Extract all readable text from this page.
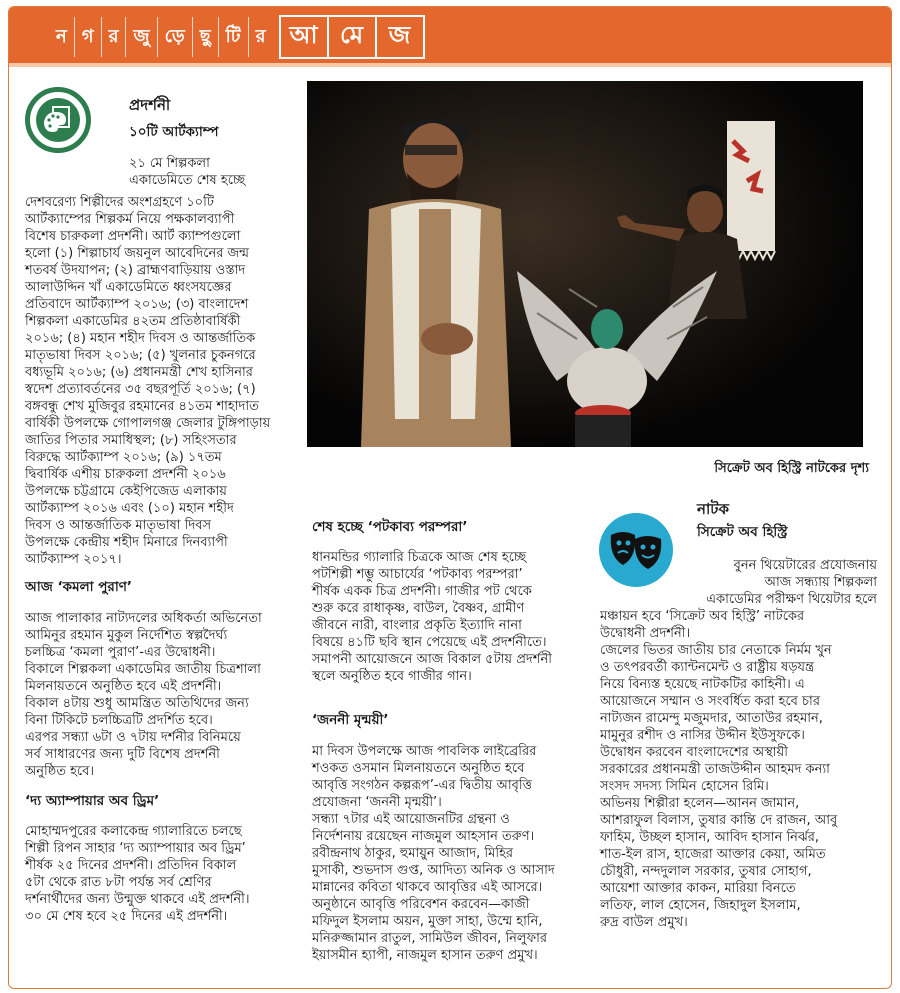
ন গ র জু ড়ে ছু টি র	আ মে	জ

প্রদর্শনী

১০টি আর্টক্যাম্প

২১ মে শিল্পকলা
একাডেমিতে শেষ হচ্ছে

দেশবরেণ্য শিল্পীদের অংশগ্রহণে ১০টি
আর্টক্যাম্পের শিল্পকর্ম নিয়ে পক্ষকালব্যাপী
বিশেষ চারুকলা প্রদর্শনী। আর্ট ক্যাম্পগুলো
হলো (১) শিল্পাচার্য জয়নুল আবেদিনের জন্ম
শতবর্ষ উদযাপন; (২) ব্রাহ্মণবাড়িয়ায় ওস্তাদ
আলাউদ্দিন খাঁ একাডেমিতে ধ্বংসযজ্ঞের
প্রতিবাদে আর্টক্যাম্প ২০১৬; (৩) বাংলাদেশ
শিল্পকলা একাডেমির ৪২তম প্রতিষ্ঠাবার্ষিকী
২০১৬; (৪) মহান শহীদ দিবস ও আন্তর্জাতিক
মাতৃভাষা দিবস ২০১৬; (৫) খুলনার চুকনগরে
বধ্যভূমি ২০১৬; (৬) প্রধানমন্ত্রী শেখ হাসিনার
স্বদেশ প্রত্যাবর্তনের ৩৫ বছরপূর্তি ২০১৬; (৭)
বঙ্গবন্ধু শেখ মুজিবুর রহমানের ৪১তম শাহাদাত
বার্ষিকী উপলক্ষে গোপালগঞ্জ জেলার টুঙ্গিপাড়ায়
জাতির পিতার সমাধিস্থল; (৮) সহিংসতার
বিরুদ্ধে আর্টক্যাম্প ২০১৬; (৯) ১৭তম
দ্বিবার্ষিক এশীয় চারুকলা প্রদর্শনী ২০১৬
উপলক্ষে চট্টগ্রামে কেইপিজেড এলাকায়
আর্টক্যাম্প ২০১৬ এবং (১০) মহান শহীদ
দিবস ও আন্তর্জাতিক মাতৃভাষা দিবস
উপলক্ষে কেন্দ্রীয় শহীদ মিনারে দিনব্যাপী
আর্টক্যাম্প ২০১৭।

আজ ‘কমলা পুরাণ’

আজ পালাকার নাট্যদলের অধিকর্তা অভিনেতা
আমিনুর রহমান মুকুল নির্দেশিত স্বল্পদৈর্ঘ্য
চলচ্চিত্র ‘কমলা পুরাণ’-এর উদ্বোধনী।
বিকালে শিল্পকলা একাডেমির জাতীয় চিত্রশালা
মিলনায়তনে অনুষ্ঠিত হবে এই প্রদর্শনী।
বিকাল ৪টায় শুধু আমন্ত্রিত অতিথিদের জন্য
বিনা টিকিটে চলচ্চিত্রটি প্রদর্শিত হবে।
এরপর সন্ধ্যা ৬টা ও ৭টায় দর্শনীর বিনিময়ে
সর্ব সাধারণের জন্য দুটি বিশেষ প্রদর্শনী
অনুষ্ঠিত হবে।

‘দ্য অ্যাম্পায়ার অব ড্রিম’

মোহাম্মদপুরের কলাকেন্দ্র গ্যালারিতে চলছে
শিল্পী রিপন সাহার ‘দ্য অ্যাম্পায়ার অব ড্রিম’
শীর্ষক ২৫ দিনের প্রদর্শনী। প্রতিদিন বিকাল
৫টা থেকে রাত ৮টা পর্যন্ত সর্ব শ্রেণির
দর্শনার্থীদের জন্য উন্মুক্ত থাকবে এই প্রদর্শনী।
৩০ মে শেষ হবে ২৫ দিনের এই প্রদর্শনী।

সিক্রেট অব হিস্ট্রি নাটকের দৃশ্য

শেষ হচ্ছে ‘পটকাব্য পরম্পরা’

ধানমন্ডির গ্যালারি চিত্রকে আজ শেষ হচ্ছে
পটশিল্পী শম্ভু আচার্যের ‘পটকাব্য পরম্পরা’
শীর্ষক একক চিত্র প্রদর্শনী। গাজীর পট থেকে
শুরু করে রাধাকৃষ্ণ, বাউল, বৈষ্ণব, গ্রামীণ
জীবনে নারী, বাংলার প্রকৃতি ইত্যাদি নানা
বিষয়ে ৪১টি ছবি স্থান পেয়েছে এই প্রদর্শনীতে।
সমাপনী আয়োজনে আজ বিকাল ৫টায় প্রদর্শনী
স্থলে অনুষ্ঠিত হবে গাজীর গান।

‘জননী মৃন্ময়ী’

মা দিবস উপলক্ষে আজ পাবলিক লাইব্রেরির
শওকত ওসমান মিলনায়তনে অনুষ্ঠিত হবে
আবৃত্তি সংগঠন কল্পরূপ’-এর দ্বিতীয় আবৃত্তি
প্রযোজনা ‘জননী মৃন্ময়ী’।
সন্ধ্যা ৭টার এই আয়োজনটির গ্রন্থনা ও
নির্দেশনায় রয়েছেন নাজমুল আহসান তরুণ।
রবীন্দ্রনাথ ঠাকুর, হুমায়ুন আজাদ, মিহির
মুসাকী, শুভদাস গুপ্ত, আদিত্য অনিক ও আসাদ
মান্নানের কবিতা থাকবে আবৃত্তির এই আসরে।
অনুষ্ঠানে আবৃত্তি পরিবেশন করবেন—কাজী
মফিদুল ইসলাম অয়ন, মুক্তা সাহা, উম্মে হানি,
মনিরুজ্জামান রাতুল, সামিউল জীবন, নিলুফার
ইয়াসমীন হ্যাপী, নাজমুল হাসান তরুণ প্রমুখ।

নাটক

সিক্রেট অব হিস্ট্রি

বুনন থিয়েটারের প্রযোজনায়
আজ সন্ধ্যায় শিল্পকলা
একাডেমির পরীক্ষণ থিয়েটার হলে

মঞ্চায়ন হবে ‘সিক্রেট অব হিস্ট্রি’ নাটকের
উদ্বোধনী প্রদর্শনী।
জেলের ভিতর জাতীয় চার নেতাকে নির্মম খুন
ও তৎপরবর্তী ক্যান্টনমেন্ট ও রাষ্ট্রীয় ষড়যন্ত্র
নিয়ে বিন্যস্ত হয়েছে নাটকটির কাহিনী। এ
আয়োজনে সম্মান ও সংবর্ধিত করা হবে চার
নাট্যজন রামেন্দু মজুমদার, আতাউর রহমান,
মামুনুর রশীদ ও নাসির উদ্দীন ইউসুফকে।
উদ্বোধন করবেন বাংলাদেশের অস্থায়ী
সরকারের প্রধানমন্ত্রী তাজউদ্দীন আহমদ কন্যা
সংসদ সদস্য সিমিন হোসেন রিমি।
অভিনয় শিল্পীরা হলেন—আনন জামান,
আশরাফুল বিলাস, তুষার কান্তি দে রাজন, আবু
ফাহিম, উচ্ছল হাসান, আবিদ হাসান নির্ঝর,
শাত-ইল রাস, হাজেরা আক্তার কেয়া, অমিত
চৌধুরী, নন্দদুলাল সরকার, তুষার সোহাগ,
আয়েশা আক্তার কাকন, মারিয়া বিনতে
লতিফ, লাল হোসেন, জিহাদুল ইসলাম,
রুদ্র বাউল প্রমুখ।
